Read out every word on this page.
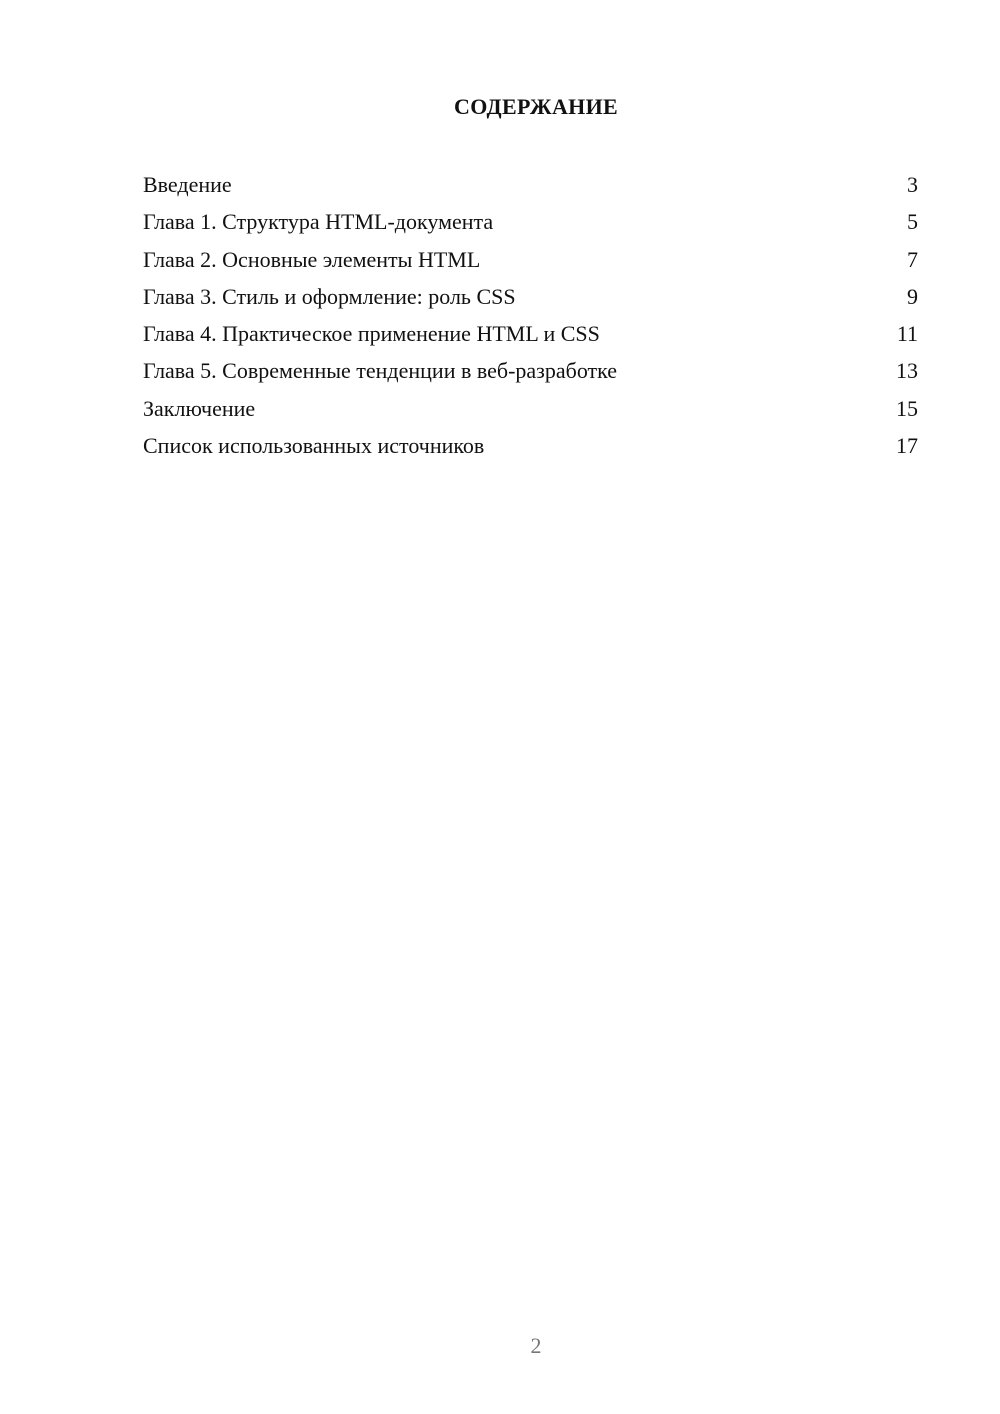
СОДЕРЖАНИЕ
Введение	3
Глава 1. Структура HTML-документа	5
Глава 2. Основные элементы HTML	7
Глава 3. Стиль и оформление: роль CSS	9
Глава 4. Практическое применение HTML и CSS	11
Глава 5. Современные тенденции в веб-разработке	13
Заключение	15
Список использованных источников	17
2
